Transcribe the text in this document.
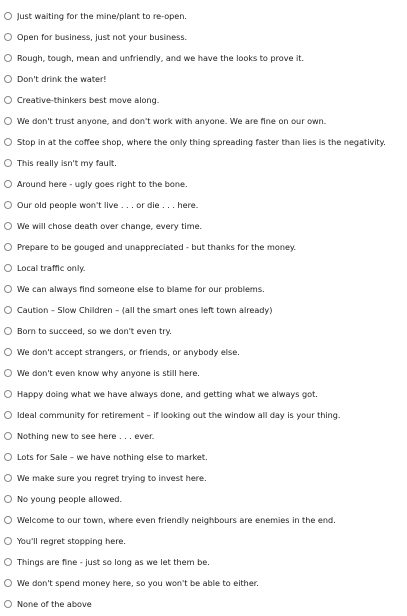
Just waiting for the mine/plant to re-open.
Open for business, just not your business.
Rough, tough, mean and unfriendly, and we have the looks to prove it.
Don't drink the water!
Creative-thinkers best move along.
We don't trust anyone, and don't work with anyone. We are fine on our own.
Stop in at the coffee shop, where the only thing spreading faster than lies is the negativity.
This really isn't my fault.
Around here - ugly goes right to the bone.
Our old people won't live . . . or die . . . here.
We will chose death over change, every time.
Prepare to be gouged and unappreciated - but thanks for the money.
Local traffic only.
We can always find someone else to blame for our problems.
Caution – Slow Children – (all the smart ones left town already)
Born to succeed, so we don't even try.
We don't accept strangers, or friends, or anybody else.
We don't even know why anyone is still here.
Happy doing what we have always done, and getting what we always got.
Ideal community for retirement – if looking out the window all day is your thing.
Nothing new to see here . . . ever.
Lots for Sale – we have nothing else to market.
We make sure you regret trying to invest here.
No young people allowed.
Welcome to our town, where even friendly neighbours are enemies in the end.
You'll regret stopping here.
Things are fine - just so long as we let them be.
We don't spend money here, so you won't be able to either.
None of the above
